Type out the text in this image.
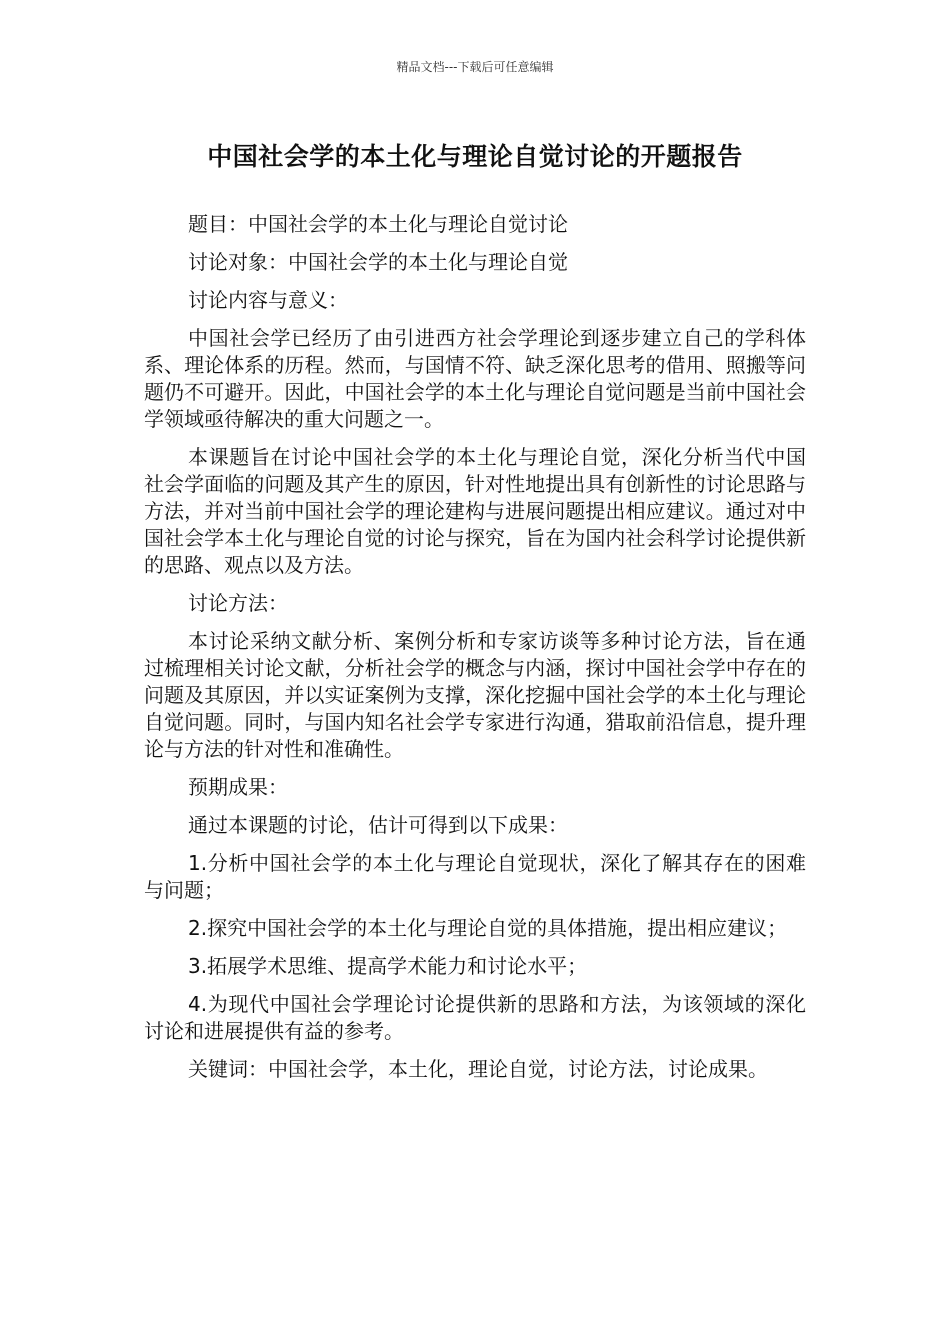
精品文档---下载后可任意编辑
中国社会学的本土化与理论自觉讨论的开题报告

题目：中国社会学的本土化与理论自觉讨论

讨论对象：中国社会学的本土化与理论自觉

讨论内容与意义：

中国社会学已经历了由引进西方社会学理论到逐步建立自己的学科体系、理论体系的历程。然而，与国情不符、缺乏深化思考的借用、照搬等问题仍不可避开。因此，中国社会学的本土化与理论自觉问题是当前中国社会学领域亟待解决的重大问题之一。

本课题旨在讨论中国社会学的本土化与理论自觉，深化分析当代中国社会学面临的问题及其产生的原因，针对性地提出具有创新性的讨论思路与方法，并对当前中国社会学的理论建构与进展问题提出相应建议。通过对中国社会学本土化与理论自觉的讨论与探究，旨在为国内社会科学讨论提供新的思路、观点以及方法。

讨论方法：

本讨论采纳文献分析、案例分析和专家访谈等多种讨论方法，旨在通过梳理相关讨论文献，分析社会学的概念与内涵，探讨中国社会学中存在的问题及其原因，并以实证案例为支撑，深化挖掘中国社会学的本土化与理论自觉问题。同时，与国内知名社会学专家进行沟通，猎取前沿信息，提升理论与方法的针对性和准确性。

预期成果：

通过本课题的讨论，估计可得到以下成果：

1.分析中国社会学的本土化与理论自觉现状，深化了解其存在的困难与问题；

2.探究中国社会学的本土化与理论自觉的具体措施，提出相应建议；

3.拓展学术思维、提高学术能力和讨论水平；

4.为现代中国社会学理论讨论提供新的思路和方法，为该领域的深化讨论和进展提供有益的参考。

关键词：中国社会学，本土化，理论自觉，讨论方法，讨论成果。
